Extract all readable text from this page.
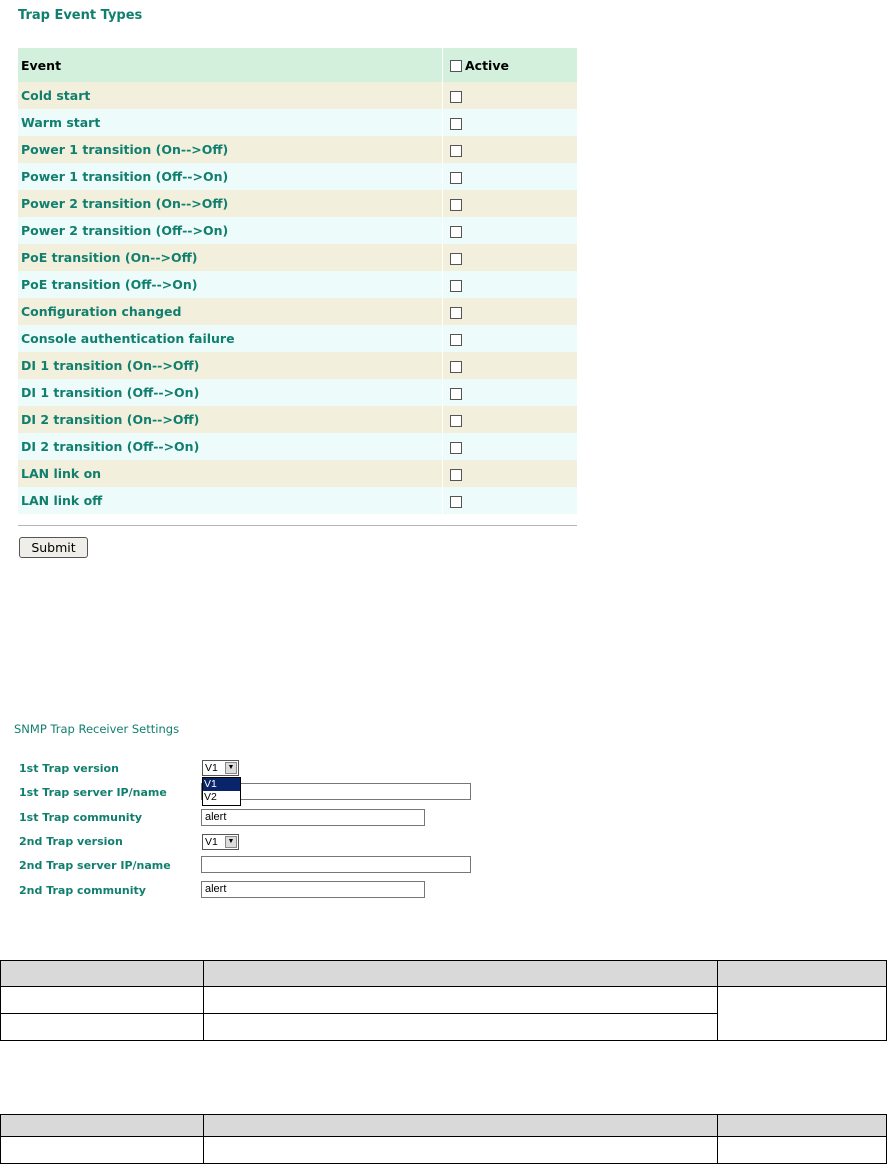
Trap Event Types
Event	Active
Cold start	
Warm start	
Power 1 transition (On-->Off)	
Power 1 transition (Off-->On)	
Power 2 transition (On-->Off)	
Power 2 transition (Off-->On)	
PoE transition (On-->Off)	
PoE transition (Off-->On)	
Configuration changed	
Console authentication failure	
DI 1 transition (On-->Off)	
DI 1 transition (Off-->On)	
DI 2 transition (On-->Off)	
DI 2 transition (Off-->On)	
LAN link on	
LAN link off	
Submit
SNMP Trap Receiver Settings
1st Trap version	V1	▼
1st Trap server IP/name
1st Trap community	alert
V1
V2
2nd Trap version	V1	▼
2nd Trap server IP/name
2nd Trap community	alert
